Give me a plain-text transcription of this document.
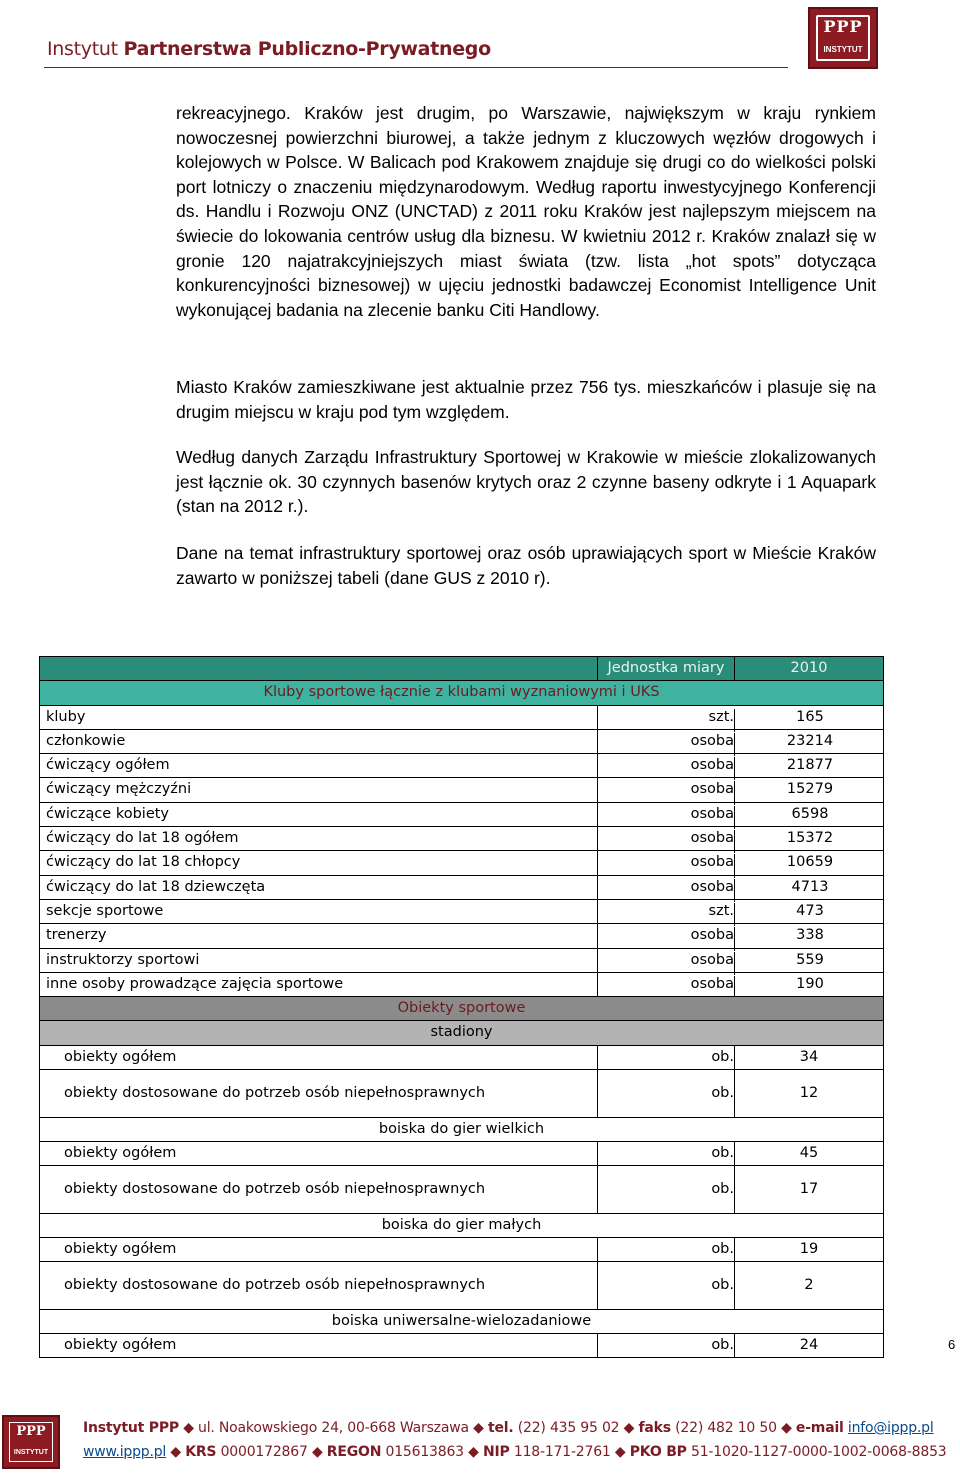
Instytut Partnerstwa Publiczno-Prywatnego
PPP
INSTYTUT
rekreacyjnego. Kraków jest drugim, po Warszawie, największym w kraju rynkiem nowoczesnej powierzchni biurowej, a także jednym z kluczowych węzłów drogowych i kolejowych w Polsce. W Balicach pod Krakowem znajduje się drugi co do wielkości polski port lotniczy o znaczeniu międzynarodowym. Według raportu inwestycyjnego Konferencji ds. Handlu i Rozwoju ONZ (UNCTAD) z 2011 roku Kraków jest najlepszym miejscem na świecie do lokowania centrów usług dla biznesu. W kwietniu 2012 r. Kraków znalazł się w gronie 120 najatrakcyjniejszych miast świata (tzw. lista „hot spots” dotycząca konkurencyjności biznesowej) w ujęciu jednostki badawczej Economist Intelligence Unit wykonującej badania na zlecenie banku Citi Handlowy.
Miasto Kraków zamieszkiwane jest aktualnie przez 756 tys. mieszkańców i plasuje się na drugim miejscu w kraju pod tym względem.
Według danych Zarządu Infrastruktury Sportowej w Krakowie w mieście zlokalizowanych jest łącznie ok. 30 czynnych basenów krytych oraz 2 czynne baseny odkryte i 1 Aquapark (stan na 2012 r.).
Dane na temat infrastruktury sportowej oraz osób uprawiających sport w Mieście Kraków zawarto w poniższej tabeli (dane GUS z 2010 r).
Jednostka miary	2010
Kluby sportowe łącznie z klubami wyznaniowymi i UKS
kluby	szt.	165
członkowie	osoba	23214
ćwiczący ogółem	osoba	21877
ćwiczący mężczyźni	osoba	15279
ćwiczące kobiety	osoba	6598
ćwiczący do lat 18 ogółem	osoba	15372
ćwiczący do lat 18 chłopcy	osoba	10659
ćwiczący do lat 18 dziewczęta	osoba	4713
sekcje sportowe	szt.	473
trenerzy	osoba	338
instruktorzy sportowi	osoba	559
inne osoby prowadzące zajęcia sportowe	osoba	190
Obiekty sportowe
stadiony
obiekty ogółem	ob.	34
obiekty dostosowane do potrzeb osób niepełnosprawnych	ob.	12
boiska do gier wielkich
obiekty ogółem	ob.	45
obiekty dostosowane do potrzeb osób niepełnosprawnych	ob.	17
boiska do gier małych
obiekty ogółem	ob.	19
obiekty dostosowane do potrzeb osób niepełnosprawnych	ob.	2
boiska uniwersalne-wielozadaniowe
obiekty ogółem	ob.	24	6
PPP
INSTYTUT
Instytut PPP ◆ ul. Noakowskiego 24, 00-668 Warszawa ◆ tel. (22) 435 95 02 ◆ faks (22) 482 10 50 ◆ e-mail info@ippp.pl
www.ippp.pl ◆ KRS 0000172867 ◆ REGON 015613863 ◆ NIP 118-171-2761 ◆ PKO BP 51-1020-1127-0000-1002-0068-8853
